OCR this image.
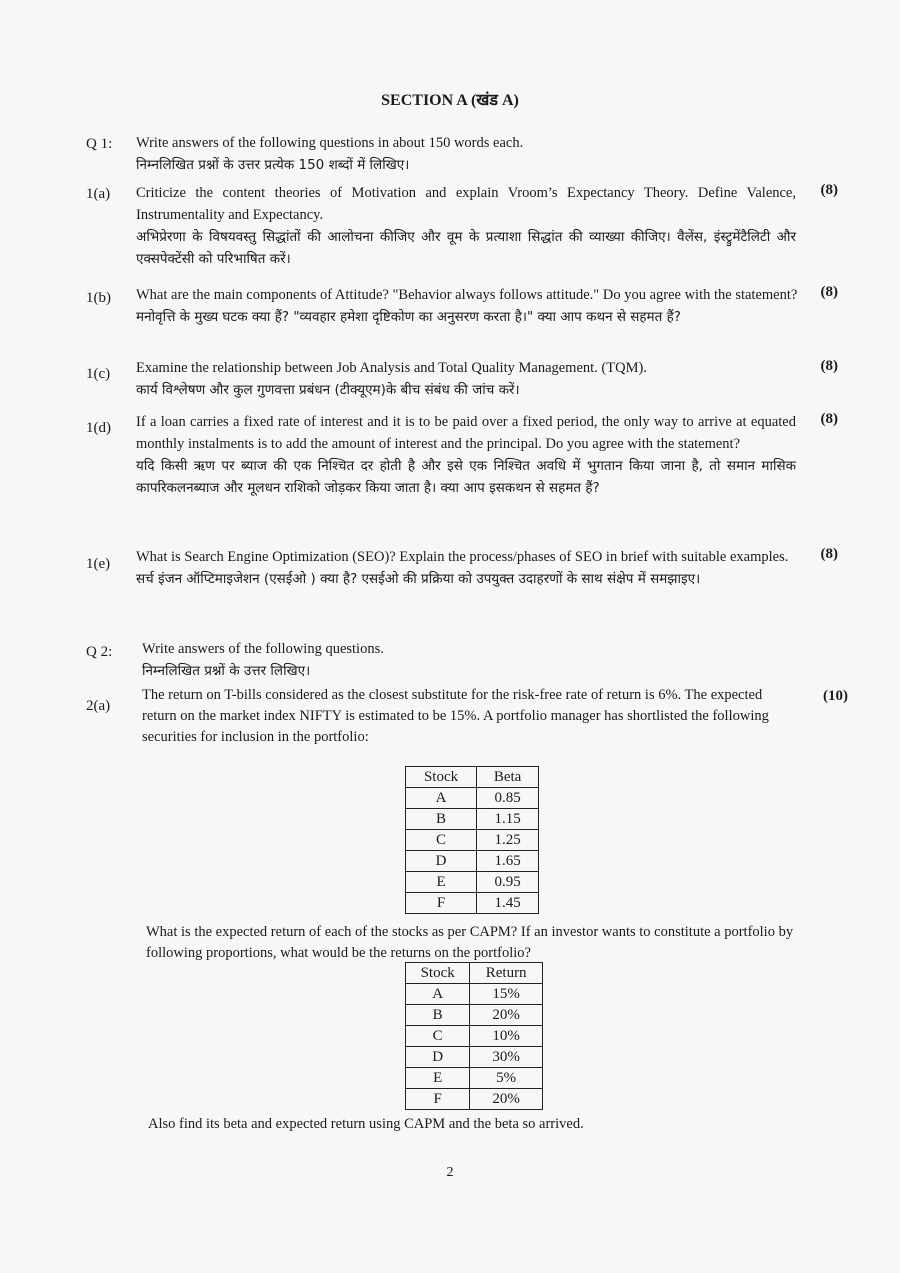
SECTION A (खंड A)
Q 1: Write answers of the following questions in about 150 words each.
निम्नलिखित प्रश्नों के उत्तर प्रत्येक 150 शब्दों में लिखिए।
1(a) Criticize the content theories of Motivation and explain Vroom’s Expectancy Theory. Define Valence, Instrumentality and Expectancy.
अभिप्रेरणा के विषयवस्तु सिद्धांतों की आलोचना कीजिए और वूम के प्रत्याशा सिद्धांत की व्याख्या कीजिए। वैलेंस, इंस्ट्रुमेंटैलिटी और एक्सपेक्टेंसी को परिभाषित करें।
(8)
1(b) What are the main components of Attitude? "Behavior always follows attitude." Do you agree with the statement?
मनोवृत्ति के मुख्य घटक क्या हैं? "व्यवहार हमेशा दृष्टिकोण का अनुसरण करता है।" क्या आप कथन से सहमत हैं?
(8)
1(c) Examine the relationship between Job Analysis and Total Quality Management. (TQM).
कार्य विश्लेषण और कुल गुणवत्ता प्रबंधन (टीक्यूएम)के बीच संबंध की जांच करें।
(8)
1(d) If a loan carries a fixed rate of interest and it is to be paid over a fixed period, the only way to arrive at equated monthly instalments is to add the amount of interest and the principal. Do you agree with the statement?
यदि किसी ऋण पर ब्याज की एक निश्चित दर होती है और इसे एक निश्चित अवधि में भुगतान किया जाना है, तो समान मासिक कापरिकलनब्याज और मूलधन राशिको जोड़कर किया जाता है। क्या आप इसकथन से सहमत हैं?
(8)
1(e) What is Search Engine Optimization (SEO)? Explain the process/phases of SEO in brief with suitable examples.
सर्च इंजन ऑप्टिमाइजेशन (एसईओ ) क्या है? एसईओ की प्रक्रिया को उपयुक्त उदाहरणों के साथ संक्षेप में समझाइए।
(8)
Q 2: Write answers of the following questions.
निम्नलिखित प्रश्नों के उत्तर लिखिए।
2(a)
The return on T-bills considered as the closest substitute for the risk-free rate of return is 6%. The expected return on the market index NIFTY is estimated to be 15%. A portfolio manager has shortlisted the following securities for inclusion in the portfolio:
(10)
Stock	Beta
A	0.85
B	1.15
C	1.25
D	1.65
E	0.95
F	1.45
What is the expected return of each of the stocks as per CAPM? If an investor wants to constitute a portfolio by following proportions, what would be the returns on the portfolio?
Stock	Return
A	15%
B	20%
C	10%
D	30%
E	5%
F	20%
Also find its beta and expected return using CAPM and the beta so arrived.
2
